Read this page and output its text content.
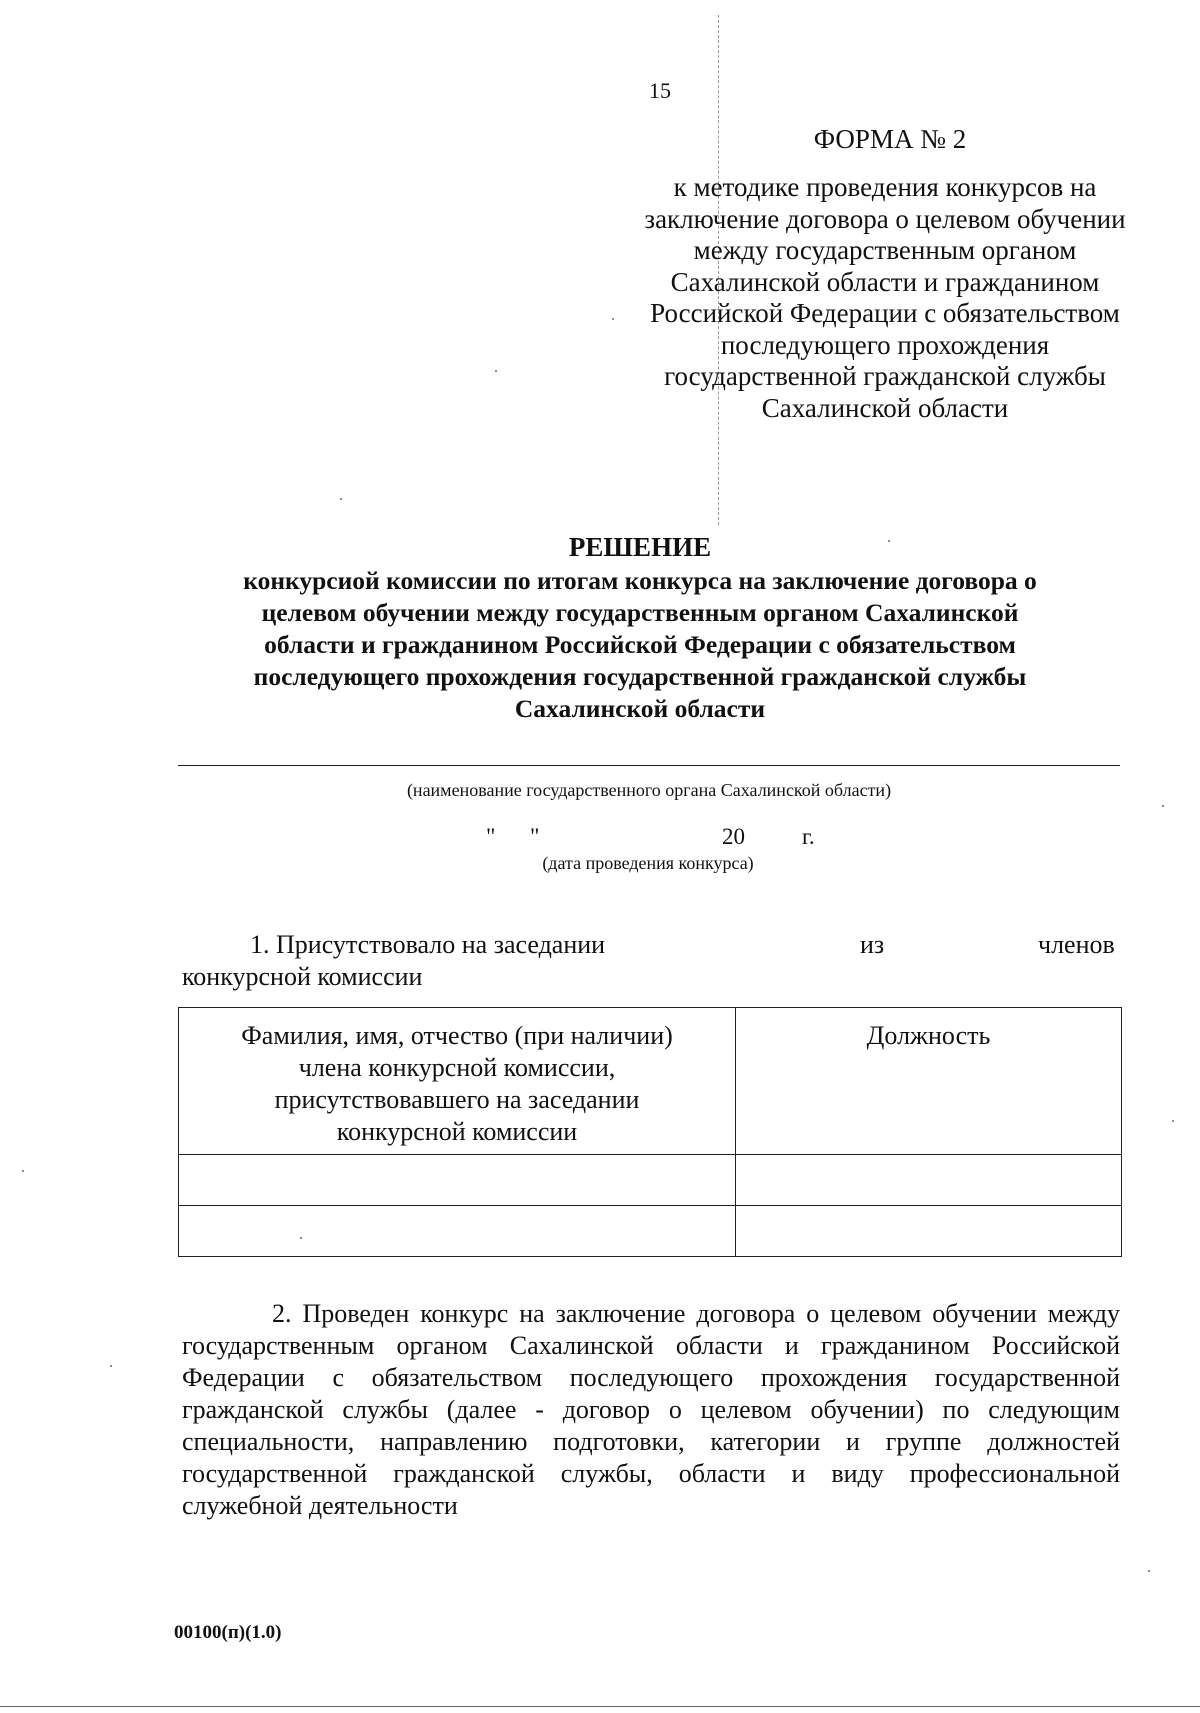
15
ФОРМА № 2
к методике проведения конкурсов на
заключение договора о целевом обучении
между государственным органом
Сахалинской области и гражданином
Российской Федерации с обязательством
последующего прохождения
государственной гражданской службы
Сахалинской области
РЕШЕНИЕ
конкурсиой комиссии по итогам конкурса на заключение договора о
целевом обучении между государственным органом Сахалинской
области и гражданином Российской Федерации с обязательством
последующего прохождения государственной гражданской службы
Сахалинской области
(наименование государственного органа Сахалинской области)
" "	20 г.
(дата проведения конкурса)
1. Присутствовало на заседании	из	членов
конкурсной комиссии
Фамилия, имя, отчество (при наличии)
члена конкурсной комиссии,
присутствовавшего на заседании
конкурсной комиссии	Должность

2. Проведен конкурс на заключение договора о целевом обучении между государственным органом Сахалинской области и гражданином Российской Федерации с обязательством последующего прохождения государственной гражданской службы (далее - договор о целевом обучении) по следующим специальности, направлению подготовки, категории и группе должностей государственной гражданской службы, области и виду профессиональной служебной деятельности
00100(п)(1.0)
